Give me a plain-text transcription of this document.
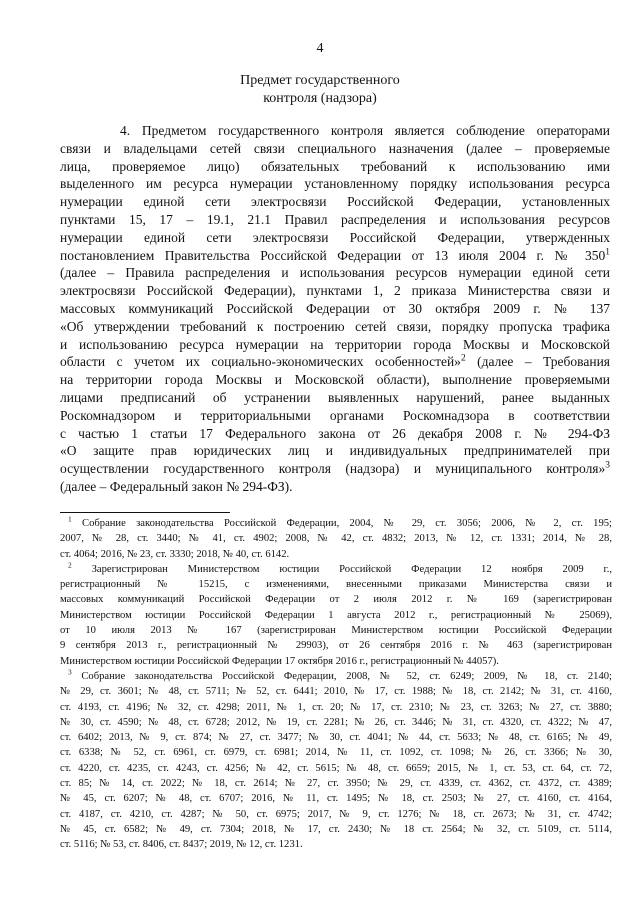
4
Предмет государственного
контроля (надзора)
4. Предметом государственного контроля является соблюдение операторами
связи и владельцами сетей связи специального назначения (далее – проверяемые
лица, проверяемое лицо) обязательных требований к использованию ими
выделенного им ресурса нумерации установленному порядку использования ресурса
нумерации единой сети электросвязи Российской Федерации, установленных
пунктами 15, 17 – 19.1, 21.1 Правил распределения и использования ресурсов
нумерации единой сети электросвязи Российской Федерации, утвержденных
постановлением Правительства Российской Федерации от 13 июля 2004 г. № $350^1$
(далее – Правила распределения и использования ресурсов нумерации единой сети
электросвязи Российской Федерации), пунктами 1, 2 приказа Министерства связи и
массовых коммуникаций Российской Федерации от 30 октября 2009 г. № 137
«Об утверждении требований к построению сетей связи, порядку пропуска трафика
и использованию ресурса нумерации на территории города Москвы и Московской
области с учетом их социально-экономических особенностей»$^2$ (далее – Требования
на территории города Москвы и Московской области), выполнение проверяемыми
лицами предписаний об устранении выявленных нарушений, ранее выданных
Роскомнадзором и территориальными органами Роскомнадзора в соответствии
с частью 1 статьи 17 Федерального закона от 26 декабря 2008 г. № 294-ФЗ
«О защите прав юридических лиц и индивидуальных предпринимателей при
осуществлении государственного контроля (надзора) и муниципального контроля»$^3$
(далее – Федеральный закон № 294-ФЗ).
$^1$ Собрание законодательства Российской Федерации, 2004, № 29, ст. 3056; 2006, № 2, ст. 195;
2007, № 28, ст. 3440; № 41, ст. 4902; 2008, № 42, ст. 4832; 2013, № 12, ст. 1331; 2014, № 28,
ст. 4064; 2016, № 23, ст. 3330; 2018, № 40, ст. 6142.
$^2$ Зарегистрирован Министерством юстиции Российской Федерации 12 ноября 2009 г.,
регистрационный № 15215, с изменениями, внесенными приказами Министерства связи и
массовых коммуникаций Российской Федерации от 2 июля 2012 г. № 169 (зарегистрирован
Министерством юстиции Российской Федерации 1 августа 2012 г., регистрационный № 25069),
от 10 июля 2013 № 167 (зарегистрирован Министерством юстиции Российской Федерации
9 сентября 2013 г., регистрационный № 29903), от 26 сентября 2016 г. № 463 (зарегистрирован
Министерством юстиции Российской Федерации 17 октября 2016 г., регистрационный № 44057).
$^3$ Собрание законодательства Российской Федерации, 2008, № 52, ст. 6249; 2009, № 18, ст. 2140;
№ 29, ст. 3601; № 48, ст. 5711; № 52, ст. 6441; 2010, № 17, ст. 1988; № 18, ст. 2142; № 31, ст. 4160,
ст. 4193, ст. 4196; № 32, ст. 4298; 2011, № 1, ст. 20; № 17, ст. 2310; № 23, ст. 3263; № 27, ст. 3880;
№ 30, ст. 4590; № 48, ст. 6728; 2012, № 19, ст. 2281; № 26, ст. 3446; № 31, ст. 4320, ст. 4322; № 47,
ст. 6402; 2013, № 9, ст. 874; № 27, ст. 3477; № 30, ст. 4041; № 44, ст. 5633; № 48, ст. 6165; № 49,
ст. 6338; № 52, ст. 6961, ст. 6979, ст. 6981; 2014, № 11, ст. 1092, ст. 1098; № 26, ст. 3366; № 30,
ст. 4220, ст. 4235, ст. 4243, ст. 4256; № 42, ст. 5615; № 48, ст. 6659; 2015, № 1, ст. 53, ст. 64, ст. 72,
ст. 85; № 14, ст. 2022; № 18, ст. 2614; № 27, ст. 3950; № 29, ст. 4339, ст. 4362, ст. 4372, ст. 4389;
№ 45, ст. 6207; № 48, ст. 6707; 2016, № 11, ст. 1495; № 18, ст. 2503; № 27, ст. 4160, ст. 4164,
ст. 4187, ст. 4210, ст. 4287; № 50, ст. 6975; 2017, № 9, ст. 1276; № 18, ст. 2673; № 31, ст. 4742;
№ 45, ст. 6582; № 49, ст. 7304; 2018, № 17, ст. 2430; № 18 ст. 2564; № 32, ст. 5109, ст. 5114,
ст. 5116; № 53, ст. 8406, ст. 8437; 2019, № 12, ст. 1231.
